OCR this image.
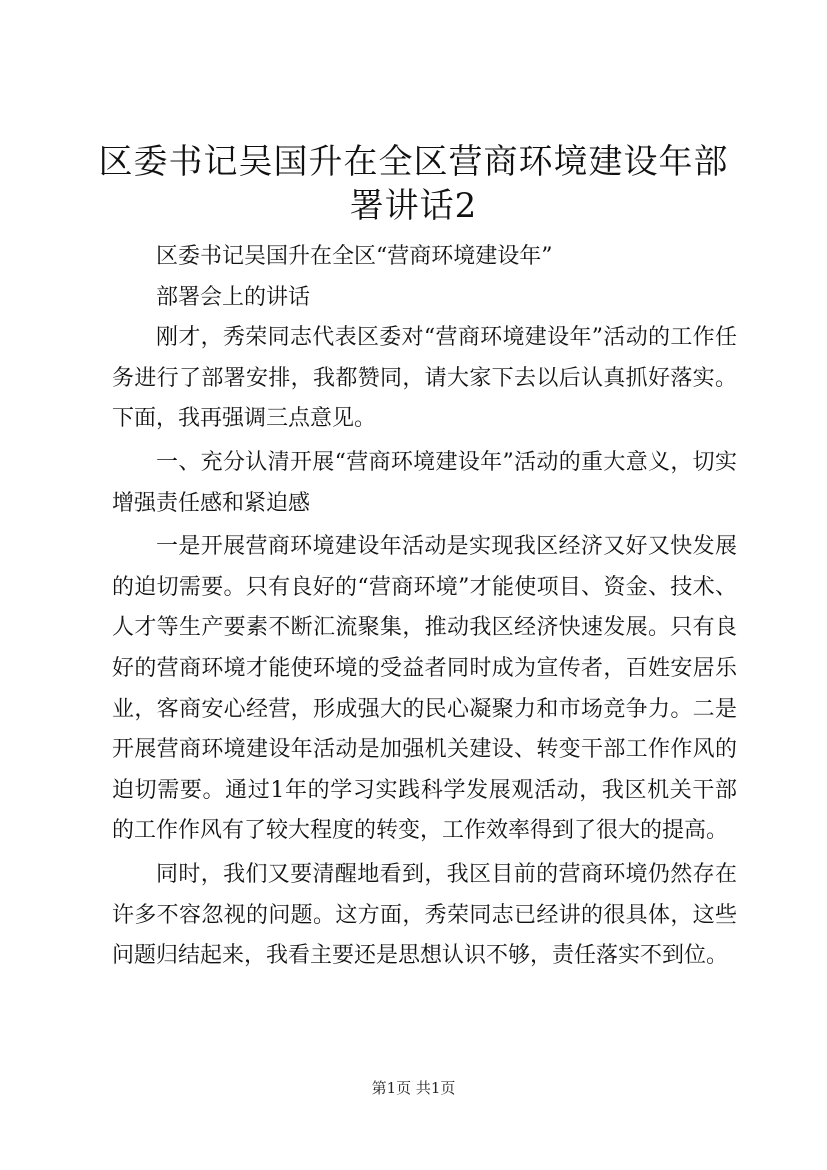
区委书记吴国升在全区营商环境建设年部署讲话2

区委书记吴国升在全区“营商环境建设年”

部署会上的讲话

刚才，秀荣同志代表区委对“营商环境建设年”活动的工作任务进行了部署安排，我都赞同，请大家下去以后认真抓好落实。下面，我再强调三点意见。

一、充分认清开展“营商环境建设年”活动的重大意义，切实增强责任感和紧迫感

一是开展营商环境建设年活动是实现我区经济又好又快发展的迫切需要。只有良好的“营商环境”才能使项目、资金、技术、人才等生产要素不断汇流聚集，推动我区经济快速发展。只有良好的营商环境才能使环境的受益者同时成为宣传者，百姓安居乐业，客商安心经营，形成强大的民心凝聚力和市场竞争力。二是开展营商环境建设年活动是加强机关建设、转变干部工作作风的迫切需要。通过1年的学习实践科学发展观活动，我区机关干部的工作作风有了较大程度的转变，工作效率得到了很大的提高。

同时，我们又要清醒地看到，我区目前的营商环境仍然存在许多不容忽视的问题。这方面，秀荣同志已经讲的很具体，这些问题归结起来，我看主要还是思想认识不够，责任落实不到位。

第1页 共1页
